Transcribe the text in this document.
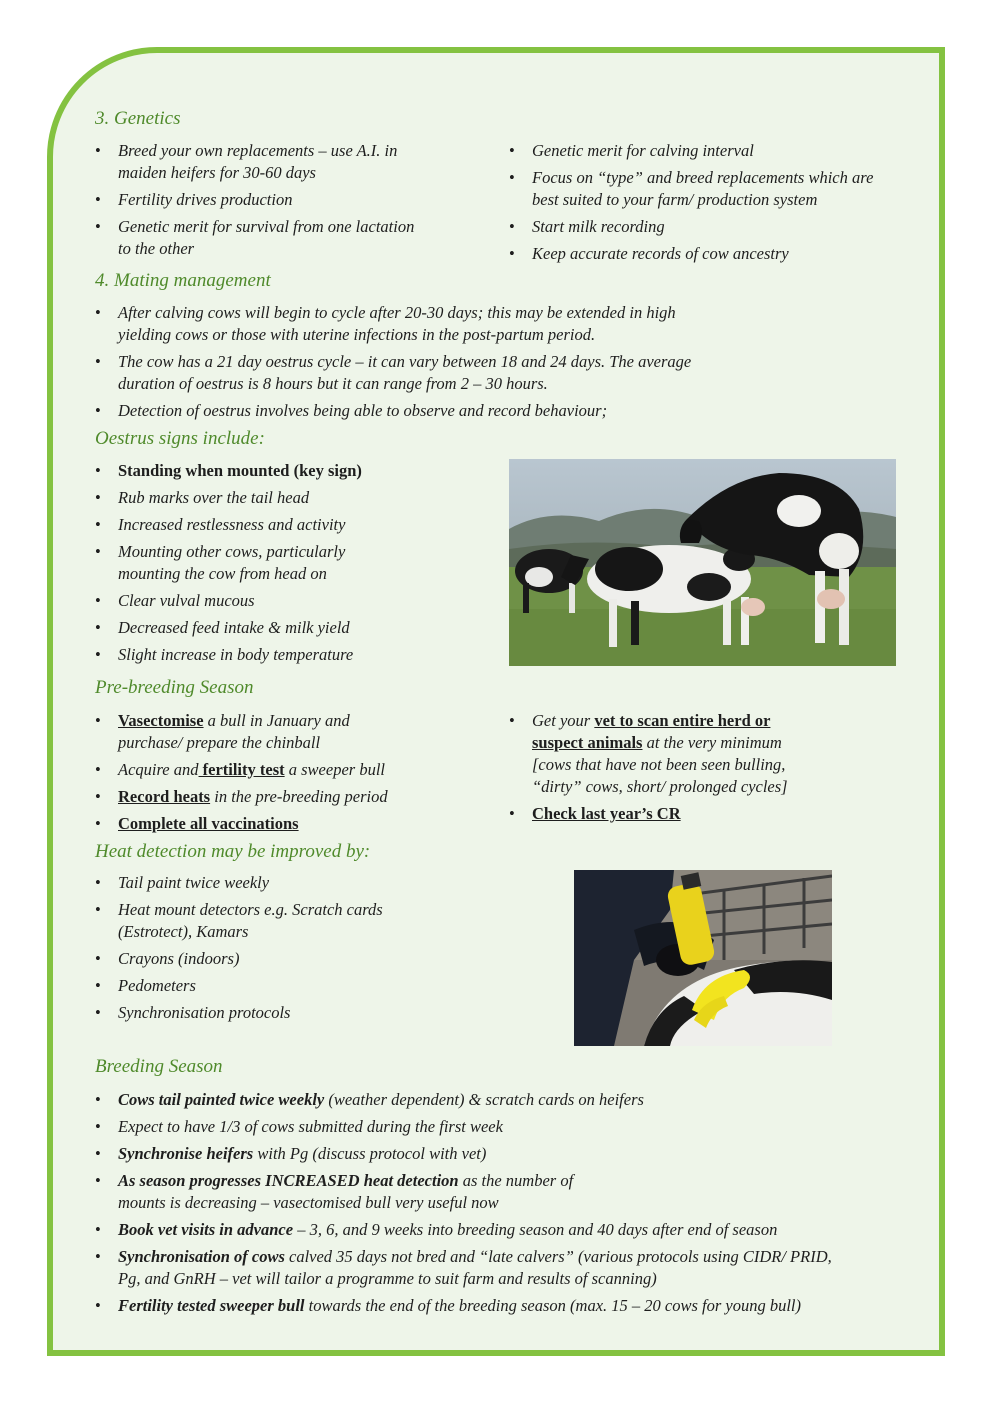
3. Genetics
• Breed your own replacements – use A.I. in maiden heifers for 30-60 days
• Fertility drives production
• Genetic merit for survival from one lactation to the other
• Genetic merit for calving interval
• Focus on “type” and breed replacements which are best suited to your farm/ production system
• Start milk recording
• Keep accurate records of cow ancestry
4. Mating management
• After calving cows will begin to cycle after 20-30 days; this may be extended in high yielding cows or those with uterine infections in the post-partum period.
• The cow has a 21 day oestrus cycle – it can vary between 18 and 24 days. The average duration of oestrus is 8 hours but it can range from 2 – 30 hours.
• Detection of oestrus involves being able to observe and record behaviour;
Oestrus signs include:
• Standing when mounted (key sign)
• Rub marks over the tail head
• Increased restlessness and activity
• Mounting other cows, particularly mounting the cow from head on
• Clear vulval mucous
• Decreased feed intake & milk yield
• Slight increase in body temperature
Pre-breeding Season
• Vasectomise a bull in January and purchase/ prepare the chinball
• Acquire and fertility test a sweeper bull
• Record heats in the pre-breeding period
• Complete all vaccinations
• Get your vet to scan entire herd or suspect animals at the very minimum [cows that have not been seen bulling, “dirty” cows, short/ prolonged cycles]
• Check last year’s CR
Heat detection may be improved by:
• Tail paint twice weekly
• Heat mount detectors e.g. Scratch cards (Estrotect), Kamars
• Crayons (indoors)
• Pedometers
• Synchronisation protocols
Breeding Season
• Cows tail painted twice weekly (weather dependent) & scratch cards on heifers
• Expect to have 1/3 of cows submitted during the first week
• Synchronise heifers with Pg (discuss protocol with vet)
• As season progresses INCREASED heat detection as the number of mounts is decreasing – vasectomised bull very useful now
• Book vet visits in advance – 3, 6, and 9 weeks into breeding season and 40 days after end of season
• Synchronisation of cows calved 35 days not bred and “late calvers” (various protocols using CIDR/ PRID, Pg, and GnRH – vet will tailor a programme to suit farm and results of scanning)
• Fertility tested sweeper bull towards the end of the breeding season (max. 15 – 20 cows for young bull)
